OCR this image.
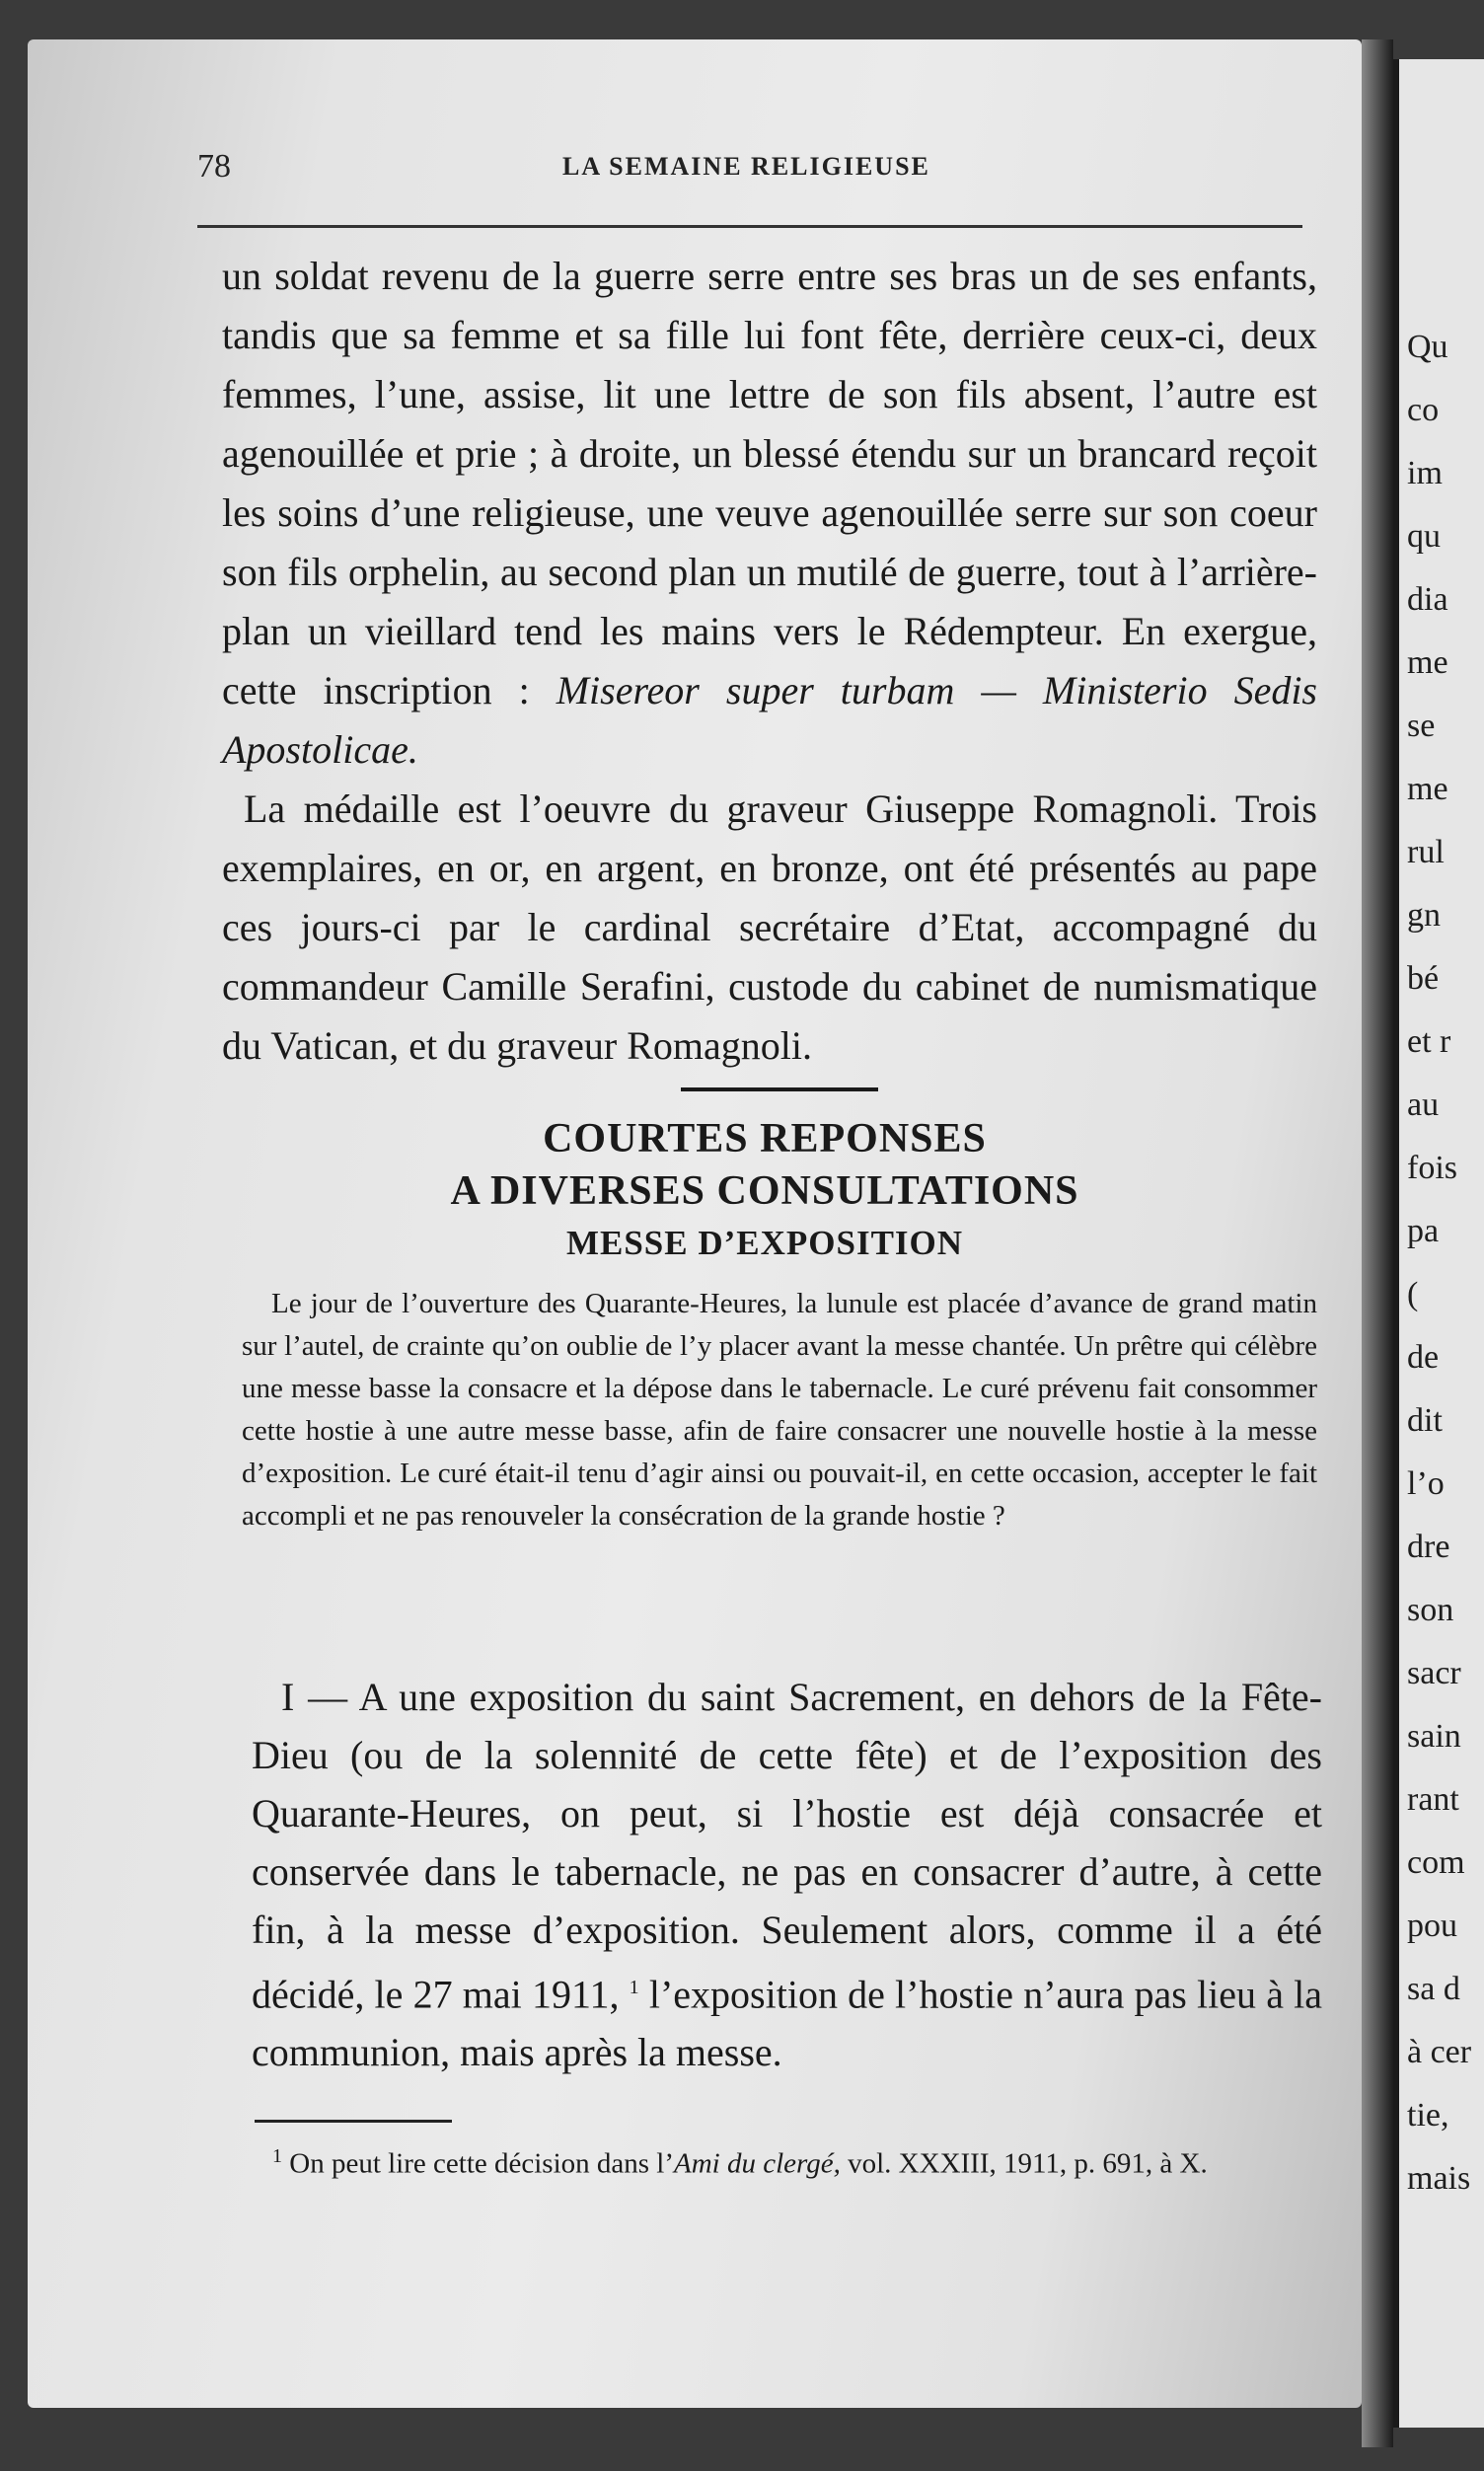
Qu
co
im
qu
dia
me
se
me
rul
gn
bé
et r
au
fois
pa
(
de
dit
l’o
dre
son
sacr
sain
rant
com
pou
sa d
à cer
tie,
mais
78	LA SEMAINE RELIGIEUSE

un soldat revenu de la guerre serre entre ses bras un de ses enfants, tandis que sa femme et sa fille lui font fête, derrière ceux-ci, deux femmes, l’une, assise, lit une lettre de son fils absent, l’autre est agenouillée et prie ; à droite, un blessé étendu sur un brancard reçoit les soins d’une religieuse, une veuve agenouillée serre sur son coeur son fils orphelin, au second plan un mutilé de guerre, tout à l’arrière-plan un vieillard tend les mains vers le Rédempteur. En exergue, cette inscription : Misereor super turbam — Ministerio Sedis Apostolicae.

La médaille est l’oeuvre du graveur Giuseppe Romagnoli. Trois exemplaires, en or, en argent, en bronze, ont été présentés au pape ces jours-ci par le cardinal secrétaire d’Etat, accompagné du commandeur Camille Serafini, custode du cabinet de numismatique du Vatican, et du graveur Romagnoli.

COURTES REPONSES
A DIVERSES CONSULTATIONS
MESSE D’EXPOSITION

Le jour de l’ouverture des Quarante-Heures, la lunule est placée d’avance de grand matin sur l’autel, de crainte qu’on oublie de l’y placer avant la messe chantée. Un prêtre qui célèbre une messe basse la consacre et la dépose dans le tabernacle. Le curé prévenu fait consommer cette hostie à une autre messe basse, afin de faire consacrer une nouvelle hostie à la messe d’exposition. Le curé était-il tenu d’agir ainsi ou pouvait-il, en cette occasion, accepter le fait accompli et ne pas renouveler la consécration de la grande hostie ?

I — A une exposition du saint Sacrement, en dehors de la Fête-Dieu (ou de la solennité de cette fête) et de l’exposition des Quarante-Heures, on peut, si l’hostie est déjà consacrée et conservée dans le tabernacle, ne pas en consacrer d’autre, à cette fin, à la messe d’exposition. Seulement alors, comme il a été décidé, le 27 mai 1911, $^1$ l’exposition de l’hostie n’aura pas lieu à la communion, mais après la messe.

$^1$ On peut lire cette décision dans l’Ami du clergé, vol. XXXIII, 1911, p. 691, à X.
